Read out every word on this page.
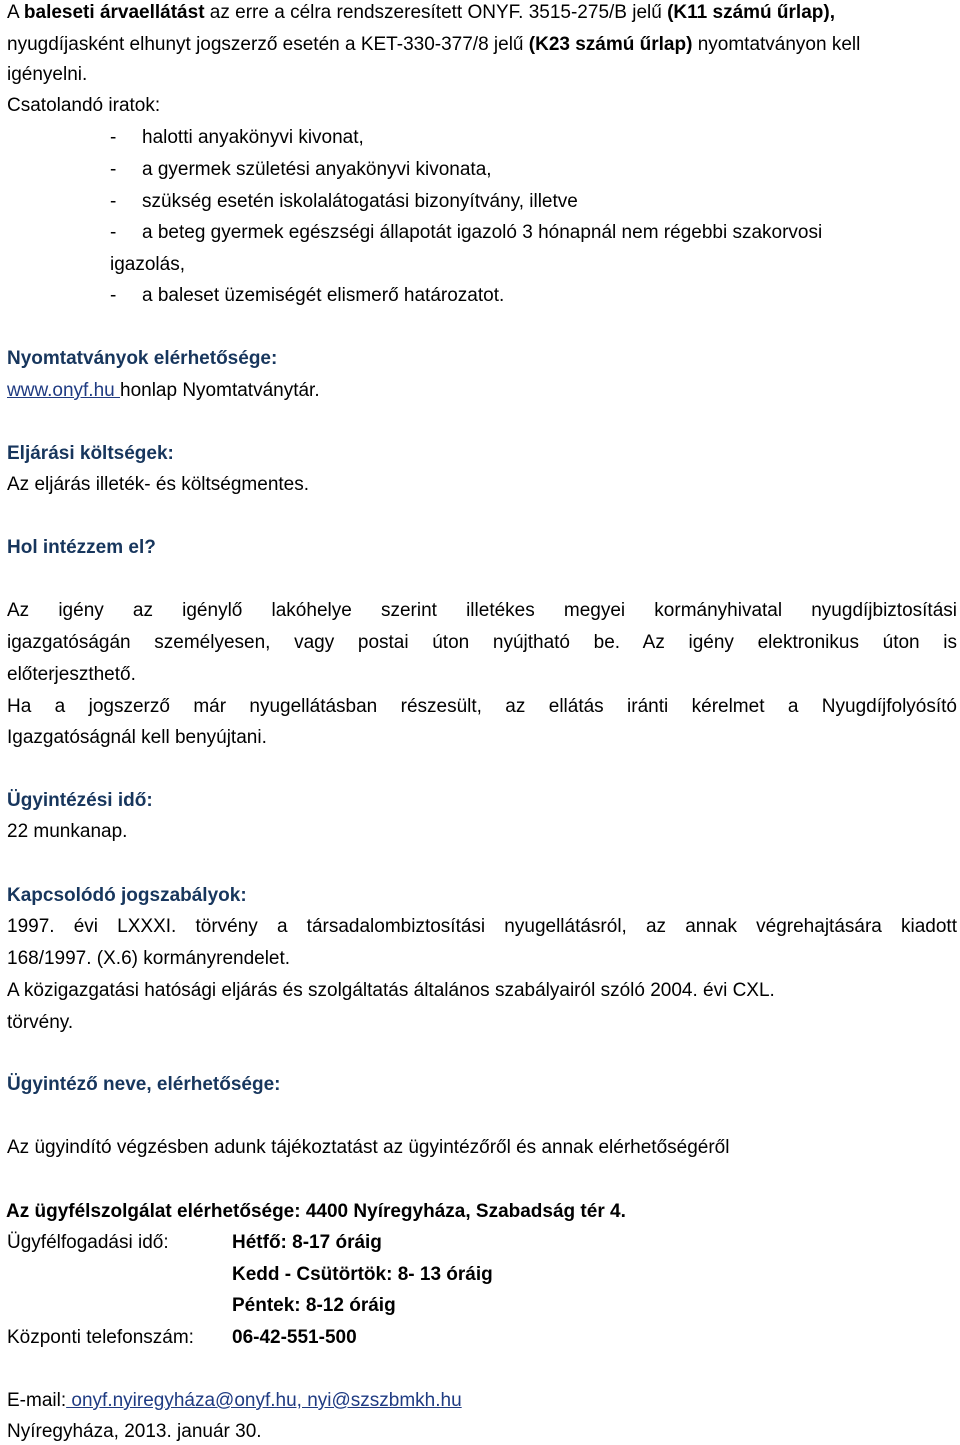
A baleseti árvaellátást az erre a célra rendszeresített ONYF. 3515-275/B jelű (K11 számú űrlap),
nyugdíjasként elhunyt jogszerző esetén a KET-330-377/8 jelű (K23 számú űrlap) nyomtatványon kell
igényelni.
Csatolandó iratok:
- halotti anyakönyvi kivonat,
- a gyermek születési anyakönyvi kivonata,
- szükség esetén iskolalátogatási bizonyítvány, illetve
- a beteg gyermek egészségi állapotát igazoló 3 hónapnál nem régebbi szakorvosi
igazolás,
- a baleset üzemiségét elismerő határozatot.
Nyomtatványok elérhetősége:
www.onyf.hu honlap Nyomtatványtár.
Eljárási költségek:
Az eljárás illeték- és költségmentes.
Hol intézzem el?
Az igény az igénylő lakóhelye szerint illetékes megyei kormányhivatal nyugdíjbiztosítási
igazgatóságán személyesen, vagy postai úton nyújtható be. Az igény elektronikus úton is
előterjeszthető.
Ha a jogszerző már nyugellátásban részesült, az ellátás iránti kérelmet a Nyugdíjfolyósító
Igazgatóságnál kell benyújtani.
Ügyintézési idő:
22 munkanap.
Kapcsolódó jogszabályok:
1997. évi LXXXI. törvény a társadalombiztosítási nyugellátásról, az annak végrehajtására kiadott
168/1997. (X.6) kormányrendelet.
A közigazgatási hatósági eljárás és szolgáltatás általános szabályairól szóló 2004. évi CXL.
törvény.
Ügyintéző neve, elérhetősége:
Az ügyindító végzésben adunk tájékoztatást az ügyintézőről és annak elérhetőségéről
Az ügyfélszolgálat elérhetősége: 4400 Nyíregyháza, Szabadság tér 4.
Ügyfélfogadási idő:	Hétfő: 8-17 óráig
Kedd - Csütörtök: 8- 13 óráig
Péntek: 8-12 óráig
Központi telefonszám: 06-42-551-500
E-mail: onyf.nyiregyháza@onyf.hu, nyi@szszbmkh.hu
Nyíregyháza, 2013. január 30.
